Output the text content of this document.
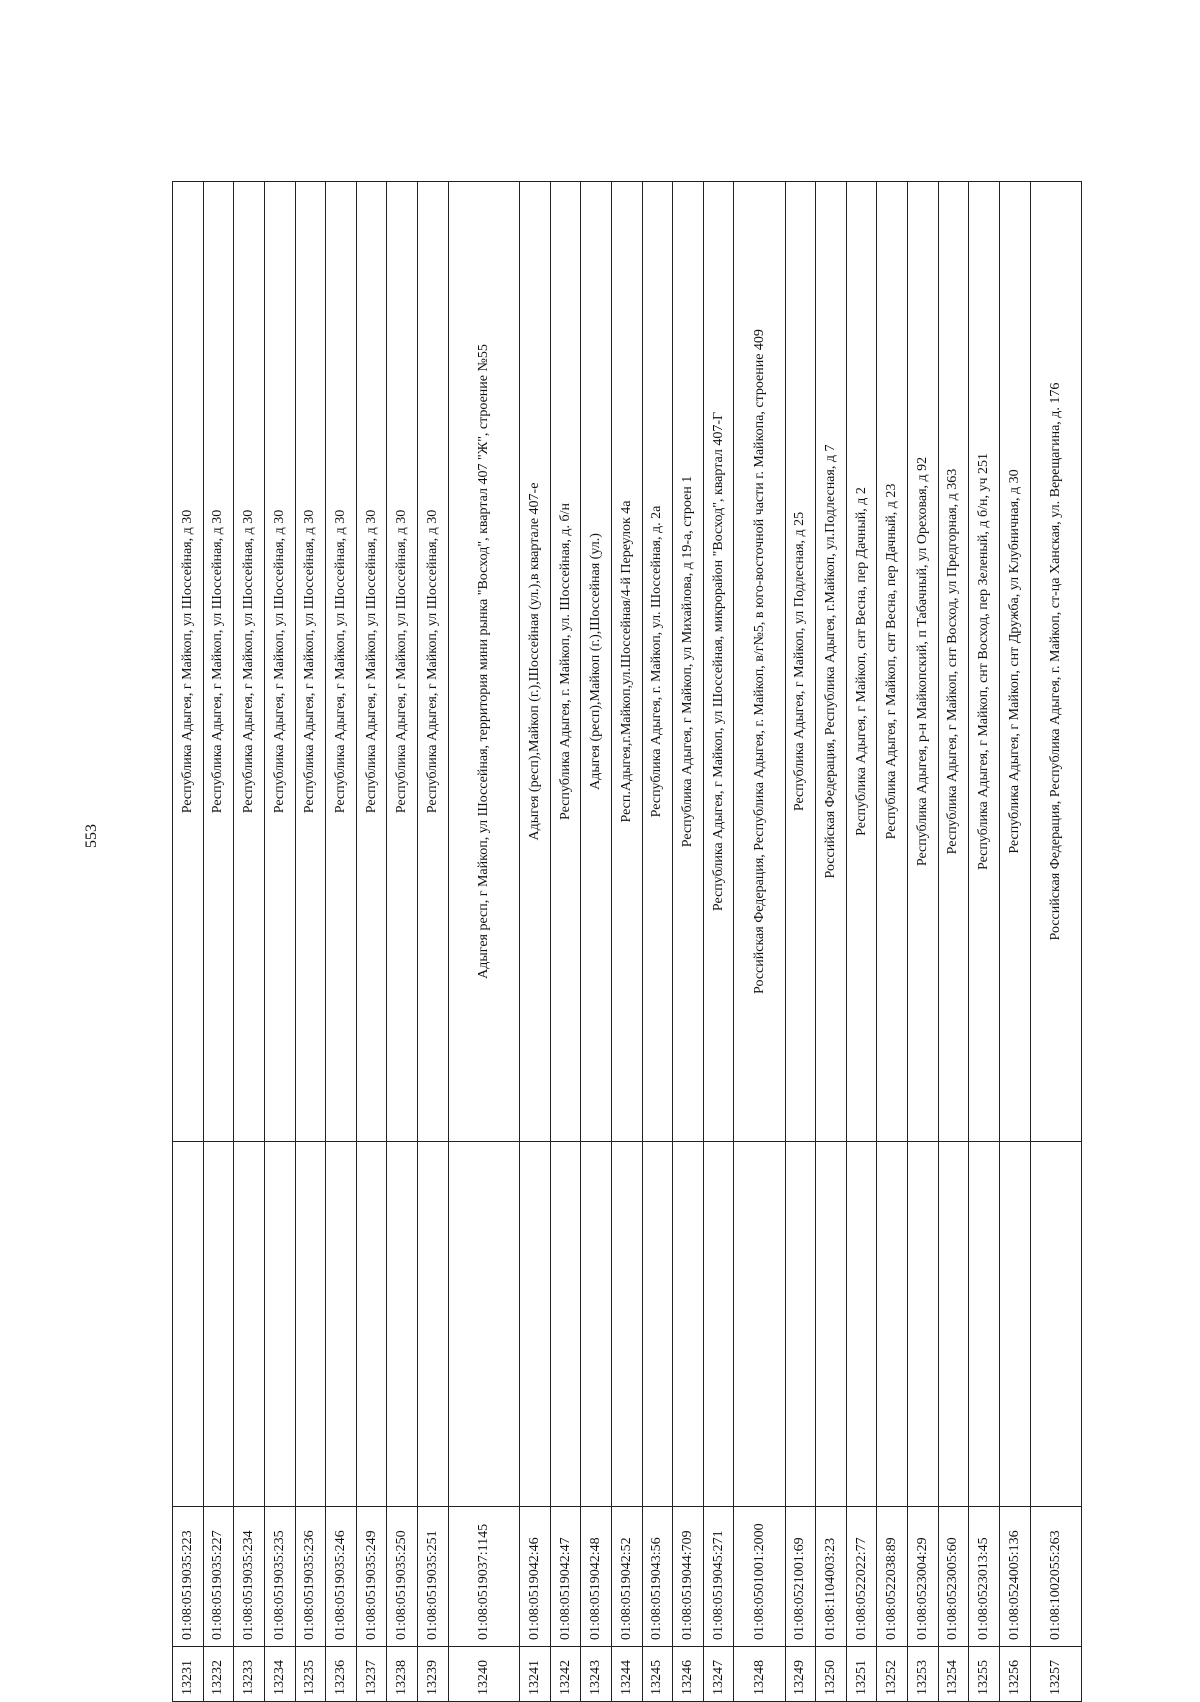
553
13231	01:08:0519035:223		Республика Адыгея, г Майкоп, ул Шоссейная, д 30
13232	01:08:0519035:227		Республика Адыгея, г Майкоп, ул Шоссейная, д 30
13233	01:08:0519035:234		Республика Адыгея, г Майкоп, ул Шоссейная, д 30
13234	01:08:0519035:235		Республика Адыгея, г Майкоп, ул Шоссейная, д 30
13235	01:08:0519035:236		Республика Адыгея, г Майкоп, ул Шоссейная, д 30
13236	01:08:0519035:246		Республика Адыгея, г Майкоп, ул Шоссейная, д 30
13237	01:08:0519035:249		Республика Адыгея, г Майкоп, ул Шоссейная, д 30
13238	01:08:0519035:250		Республика Адыгея, г Майкоп, ул Шоссейная, д 30
13239	01:08:0519035:251		Республика Адыгея, г Майкоп, ул Шоссейная, д 30
13240	01:08:0519037:1145		Адыгея респ, г Майкоп, ул Шоссейная, территория мини рынка "Восход", квартал 407 "Ж", строение №55
13241	01:08:0519042:46		Адыгея (респ),Майкоп (г.),Шоссейная (ул.),в квартале 407-е
13242	01:08:0519042:47		Республика Адыгея, г. Майкоп, ул. Шоссейная, д. б/н
13243	01:08:0519042:48		Адыгея (респ),Майкоп (г.),Шоссейная (ул.)
13244	01:08:0519042:52		Респ.Адыгея,г.Майкоп,ул.Шоссейная/4-й Переулок 4а
13245	01:08:0519043:56		Республика Адыгея, г. Майкоп, ул. Шоссейная, д. 2а
13246	01:08:0519044:709		Республика Адыгея, г Майкоп, ул Михайлова, д 19-а, строен 1
13247	01:08:0519045:271		Республика Адыгея, г Майкоп, ул Шоссейная, микрорайон "Восход", квартал 407-Г
13248	01:08:0501001:2000		Российская Федерация, Республика Адыгея, г. Майкоп, в/г№5, в юго-восточной части г. Майкопа, строение 409
13249	01:08:0521001:69		Республика Адыгея, г Майкоп, ул Подлесная, д 25
13250	01:08:1104003:23		Российская Федерация, Республика Адыгея, г.Майкоп, ул.Подлесная, д 7
13251	01:08:0522022:77		Республика Адыгея, г Майкоп, снт Весна, пер Дачный, д 2
13252	01:08:0522038:89		Республика Адыгея, г Майкоп, снт Весна, пер Дачный, д 23
13253	01:08:0523004:29		Республика Адыгея, р-н Майкопский, п Табачный, ул Ореховая, д 92
13254	01:08:0523005:60		Республика Адыгея, г Майкоп, снт Восход, ул Предгорная, д 363
13255	01:08:0523013:45		Республика Адыгея, г Майкоп, снт Восход, пер Зеленый, д б/н, уч 251
13256	01:08:0524005:136		Республика Адыгея, г Майкоп, снт Дружба, ул Клубничная, д 30
13257	01:08:1002055:263		Российская Федерация, Республика Адыгея, г. Майкоп, ст-ца Ханская, ул. Верещагина, д. 176
